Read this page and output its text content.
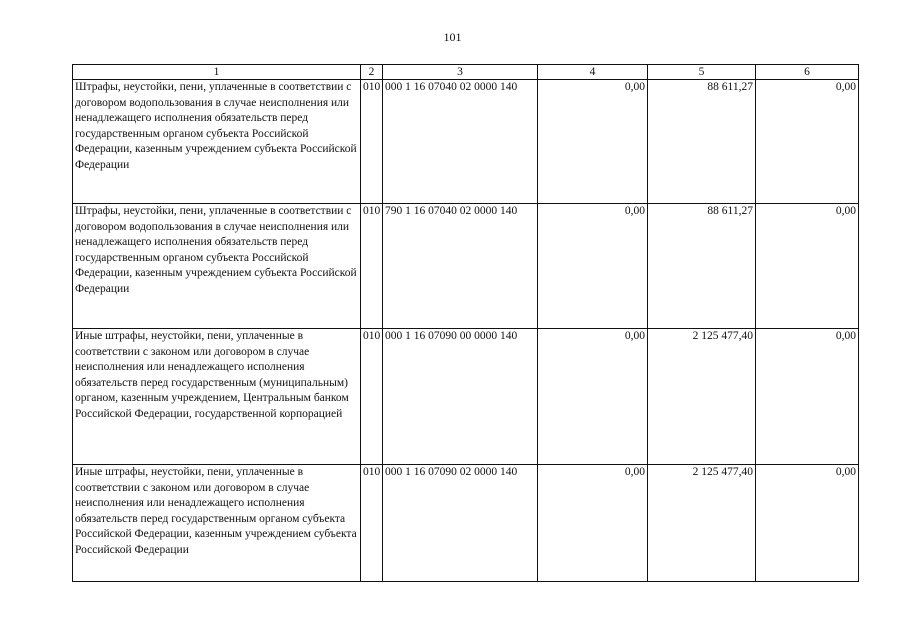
101
1	2	3	4	5	6
Штрафы, неустойки, пени, уплаченные в соответствии с договором водопользования в случае неисполнения или ненадлежащего исполнения обязательств перед государственным органом субъекта Российской Федерации, казенным учреждением субъекта Российской Федерации	010	000 1 16 07040 02 0000 140	0,00	88 611,27	0,00
Штрафы, неустойки, пени, уплаченные в соответствии с договором водопользования в случае неисполнения или ненадлежащего исполнения обязательств перед государственным органом субъекта Российской Федерации, казенным учреждением субъекта Российской Федерации	010	790 1 16 07040 02 0000 140	0,00	88 611,27	0,00
Иные штрафы, неустойки, пени, уплаченные в соответствии с законом или договором в случае неисполнения или ненадлежащего исполнения обязательств перед государственным (муниципальным) органом, казенным учреждением, Центральным банком Российской Федерации, государственной корпорацией	010	000 1 16 07090 00 0000 140	0,00	2 125 477,40	0,00
Иные штрафы, неустойки, пени, уплаченные в соответствии с законом или договором в случае неисполнения или ненадлежащего исполнения обязательств перед государственным органом субъекта Российской Федерации, казенным учреждением субъекта Российской Федерации	010	000 1 16 07090 02 0000 140	0,00	2 125 477,40	0,00
